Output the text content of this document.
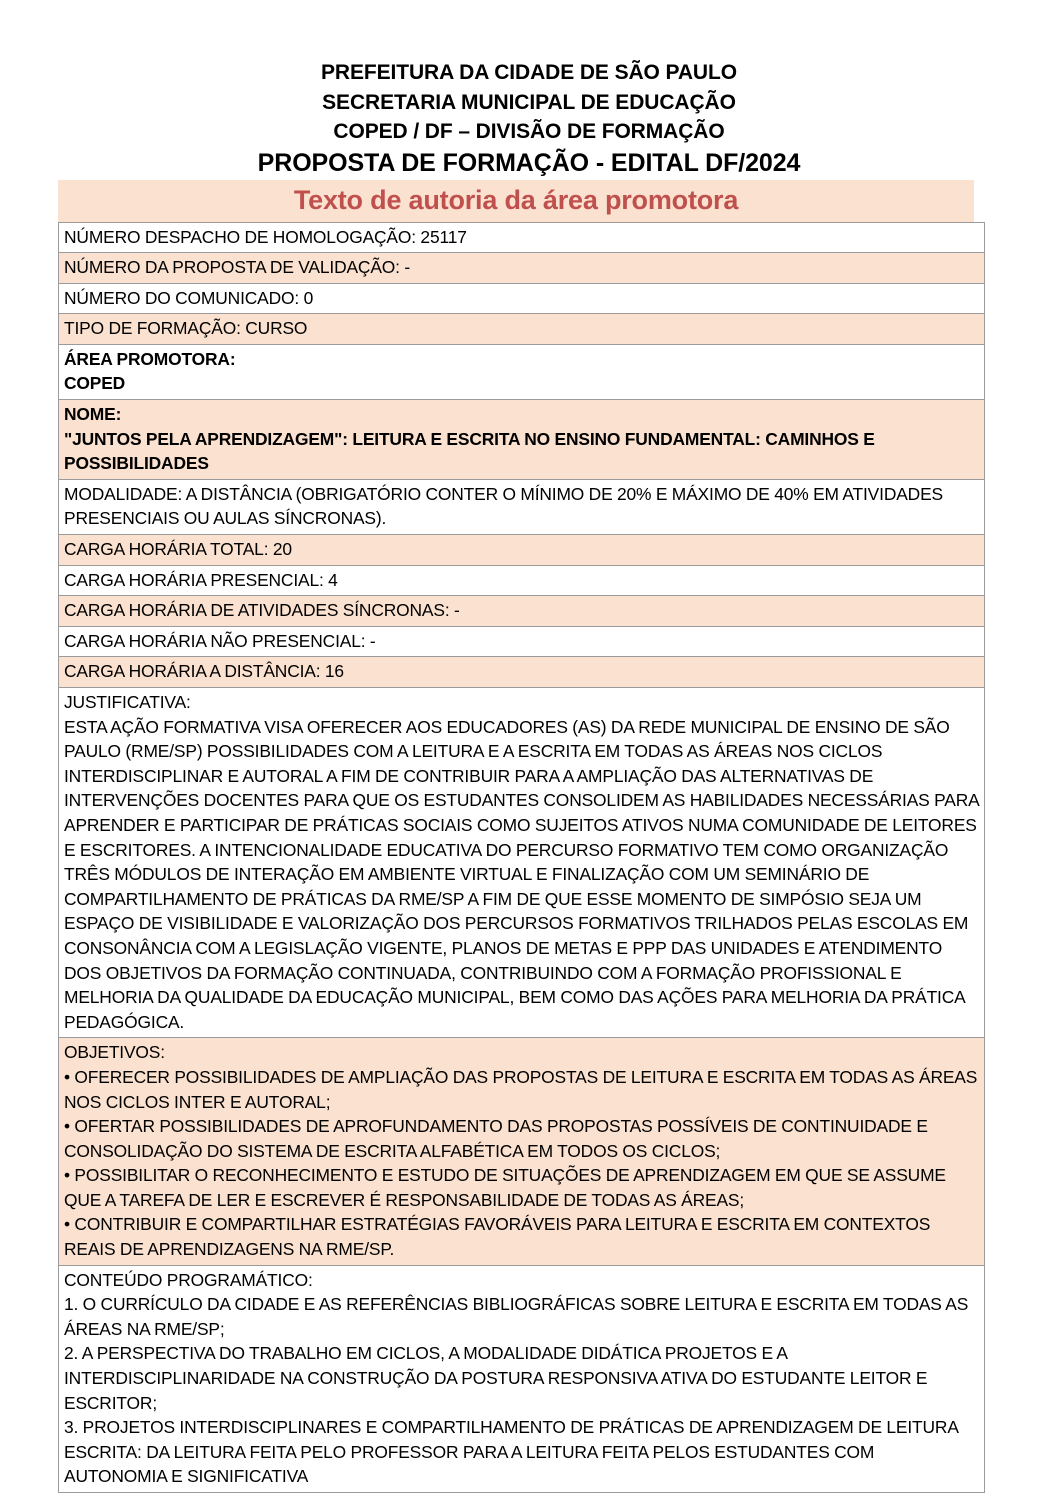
PREFEITURA DA CIDADE DE SÃO PAULO
SECRETARIA MUNICIPAL DE EDUCAÇÃO
COPED / DF – DIVISÃO DE FORMAÇÃO
PROPOSTA DE FORMAÇÃO - EDITAL DF/2024
Texto de autoria da área promotora
NÚMERO DESPACHO DE HOMOLOGAÇÃO: 25117
NÚMERO DA PROPOSTA DE VALIDAÇÃO: -
NÚMERO DO COMUNICADO: 0
TIPO DE FORMAÇÃO: CURSO

ÁREA PROMOTORA:
COPED

NOME:
"JUNTOS PELA APRENDIZAGEM": LEITURA E ESCRITA NO ENSINO FUNDAMENTAL: CAMINHOS E POSSIBILIDADES

MODALIDADE: A DISTÂNCIA (OBRIGATÓRIO CONTER O MÍNIMO DE 20% E MÁXIMO DE 40% EM ATIVIDADES PRESENCIAIS OU AULAS SÍNCRONAS).
CARGA HORÁRIA TOTAL: 20
CARGA HORÁRIA PRESENCIAL: 4
CARGA HORÁRIA DE ATIVIDADES SÍNCRONAS: -
CARGA HORÁRIA NÃO PRESENCIAL: -
CARGA HORÁRIA A DISTÂNCIA: 16

JUSTIFICATIVA:
ESTA AÇÃO FORMATIVA VISA OFERECER AOS EDUCADORES (AS) DA REDE MUNICIPAL DE ENSINO DE SÃO PAULO (RME/SP) POSSIBILIDADES COM A LEITURA E A ESCRITA EM TODAS AS ÁREAS NOS CICLOS INTERDISCIPLINAR E AUTORAL A FIM DE CONTRIBUIR PARA A AMPLIAÇÃO DAS ALTERNATIVAS DE INTERVENÇÕES DOCENTES PARA QUE OS ESTUDANTES CONSOLIDEM AS HABILIDADES NECESSÁRIAS PARA APRENDER E PARTICIPAR DE PRÁTICAS SOCIAIS COMO SUJEITOS ATIVOS NUMA COMUNIDADE DE LEITORES E ESCRITORES. A INTENCIONALIDADE EDUCATIVA DO PERCURSO FORMATIVO TEM COMO ORGANIZAÇÃO TRÊS MÓDULOS DE INTERAÇÃO EM AMBIENTE VIRTUAL E FINALIZAÇÃO COM UM SEMINÁRIO DE COMPARTILHAMENTO DE PRÁTICAS DA RME/SP A FIM DE QUE ESSE MOMENTO DE SIMPÓSIO SEJA UM ESPAÇO DE VISIBILIDADE E VALORIZAÇÃO DOS PERCURSOS FORMATIVOS TRILHADOS PELAS ESCOLAS EM CONSONÂNCIA COM A LEGISLAÇÃO VIGENTE, PLANOS DE METAS E PPP DAS UNIDADES E ATENDIMENTO DOS OBJETIVOS DA FORMAÇÃO CONTINUADA, CONTRIBUINDO COM A FORMAÇÃO PROFISSIONAL E MELHORIA DA QUALIDADE DA EDUCAÇÃO MUNICIPAL, BEM COMO DAS AÇÕES PARA MELHORIA DA PRÁTICA PEDAGÓGICA.

OBJETIVOS:
• OFERECER POSSIBILIDADES DE AMPLIAÇÃO DAS PROPOSTAS DE LEITURA E ESCRITA EM TODAS AS ÁREAS NOS CICLOS INTER E AUTORAL;
• OFERTAR POSSIBILIDADES DE APROFUNDAMENTO DAS PROPOSTAS POSSÍVEIS DE CONTINUIDADE E CONSOLIDAÇÃO DO SISTEMA DE ESCRITA ALFABÉTICA EM TODOS OS CICLOS;
• POSSIBILITAR O RECONHECIMENTO E ESTUDO DE SITUAÇÕES DE APRENDIZAGEM EM QUE SE ASSUME QUE A TAREFA DE LER E ESCREVER É RESPONSABILIDADE DE TODAS AS ÁREAS;
• CONTRIBUIR E COMPARTILHAR ESTRATÉGIAS FAVORÁVEIS PARA LEITURA E ESCRITA EM CONTEXTOS REAIS DE APRENDIZAGENS NA RME/SP.

CONTEÚDO PROGRAMÁTICO:
1. O CURRÍCULO DA CIDADE E AS REFERÊNCIAS BIBLIOGRÁFICAS SOBRE LEITURA E ESCRITA EM TODAS AS ÁREAS NA RME/SP;
2. A PERSPECTIVA DO TRABALHO EM CICLOS, A MODALIDADE DIDÁTICA PROJETOS E A INTERDISCIPLINARIDADE NA CONSTRUÇÃO DA POSTURA RESPONSIVA ATIVA DO ESTUDANTE LEITOR E ESCRITOR;
3. PROJETOS INTERDISCIPLINARES E COMPARTILHAMENTO DE PRÁTICAS DE APRENDIZAGEM DE LEITURA ESCRITA: DA LEITURA FEITA PELO PROFESSOR PARA A LEITURA FEITA PELOS ESTUDANTES COM AUTONOMIA E SIGNIFICATIVA
